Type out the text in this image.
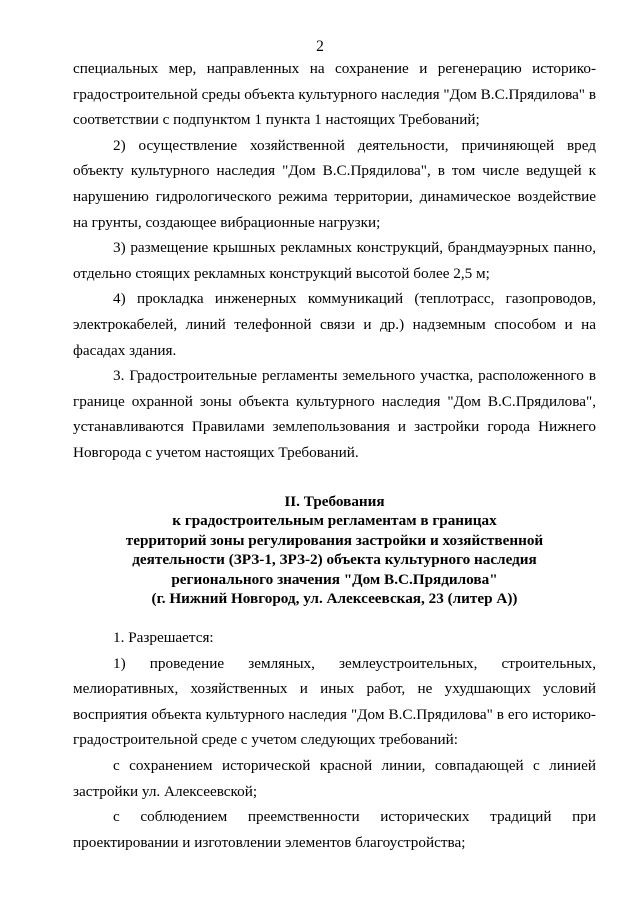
2

специальных мер, направленных на сохранение и регенерацию историко-градостроительной среды объекта культурного наследия "Дом В.С.Прядилова" в соответствии с подпунктом 1 пункта 1 настоящих Требований;

2) осуществление хозяйственной деятельности, причиняющей вред объекту культурного наследия "Дом В.С.Прядилова", в том числе ведущей к нарушению гидрологического режима территории, динамическое воздействие на грунты, создающее вибрационные нагрузки;

3) размещение крышных рекламных конструкций, брандмауэрных панно, отдельно стоящих рекламных конструкций высотой более 2,5 м;

4) прокладка инженерных коммуникаций (теплотрасс, газопроводов, электрокабелей, линий телефонной связи и др.) надземным способом и на фасадах здания.

3. Градостроительные регламенты земельного участка, расположенного в границе охранной зоны объекта культурного наследия "Дом В.С.Прядилова", устанавливаются Правилами землепользования и застройки города Нижнего Новгорода с учетом настоящих Требований.

II. Требования
к градостроительным регламентам в границах
территорий зоны регулирования застройки и хозяйственной
деятельности (ЗРЗ-1, ЗРЗ-2) объекта культурного наследия
регионального значения "Дом В.С.Прядилова"
(г. Нижний Новгород, ул. Алексеевская, 23 (литер А))

1. Разрешается:

1) проведение земляных, землеустроительных, строительных, мелиоративных, хозяйственных и иных работ, не ухудшающих условий восприятия объекта культурного наследия "Дом В.С.Прядилова" в его историко-градостроительной среде с учетом следующих требований:

с сохранением исторической красной линии, совпадающей с линией застройки ул. Алексеевской;

с соблюдением преемственности исторических традиций при проектировании и изготовлении элементов благоустройства;
